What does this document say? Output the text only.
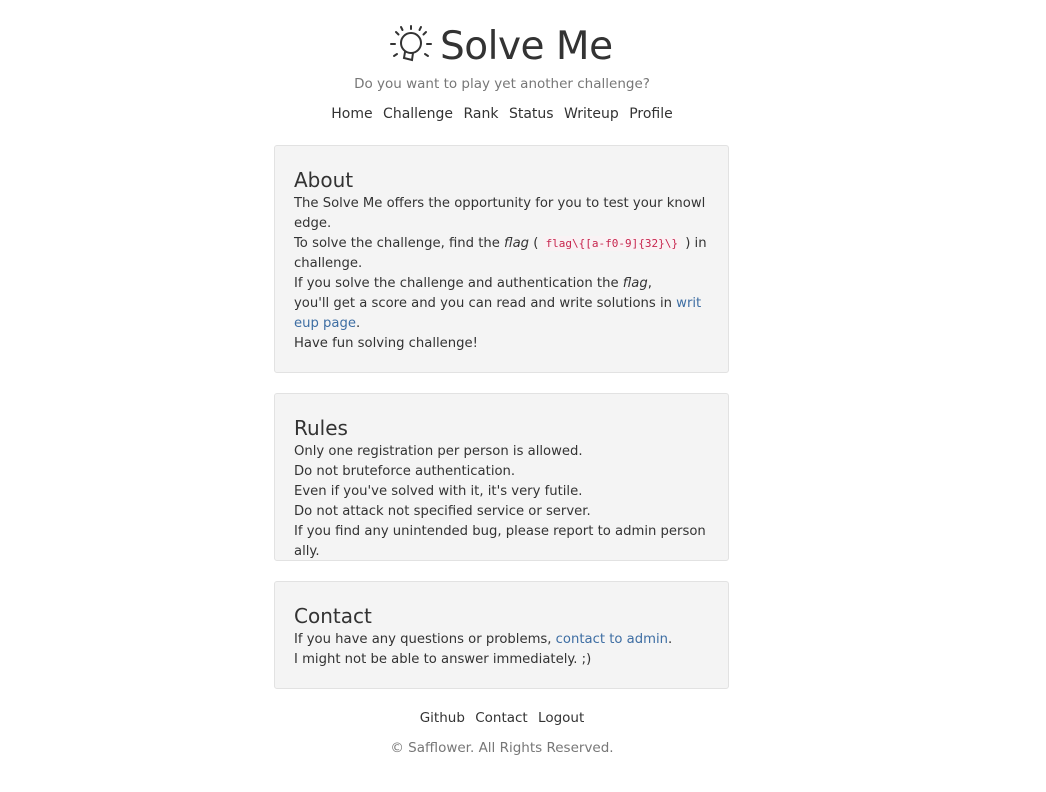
Solve Me
Do you want to play yet another challenge?
Home Challenge Rank Status Writeup Profile
About

The Solve Me offers the opportunity for you to test your knowledge.
To solve the challenge, find the flag ( flag\{[a-f0-9]{32}\} ) in challenge.
If you solve the challenge and authentication the flag,
you'll get a score and you can read and write solutions in writeup page.
Have fun solving challenge!

Rules

Only one registration per person is allowed.
Do not bruteforce authentication.
Even if you've solved with it, it's very futile.
Do not attack not specified service or server.
If you find any unintended bug, please report to admin personally.

Contact

If you have any questions or problems, contact to admin.
I might not be able to answer immediately. ;)

Github Contact Logout
© Safflower. All Rights Reserved.
